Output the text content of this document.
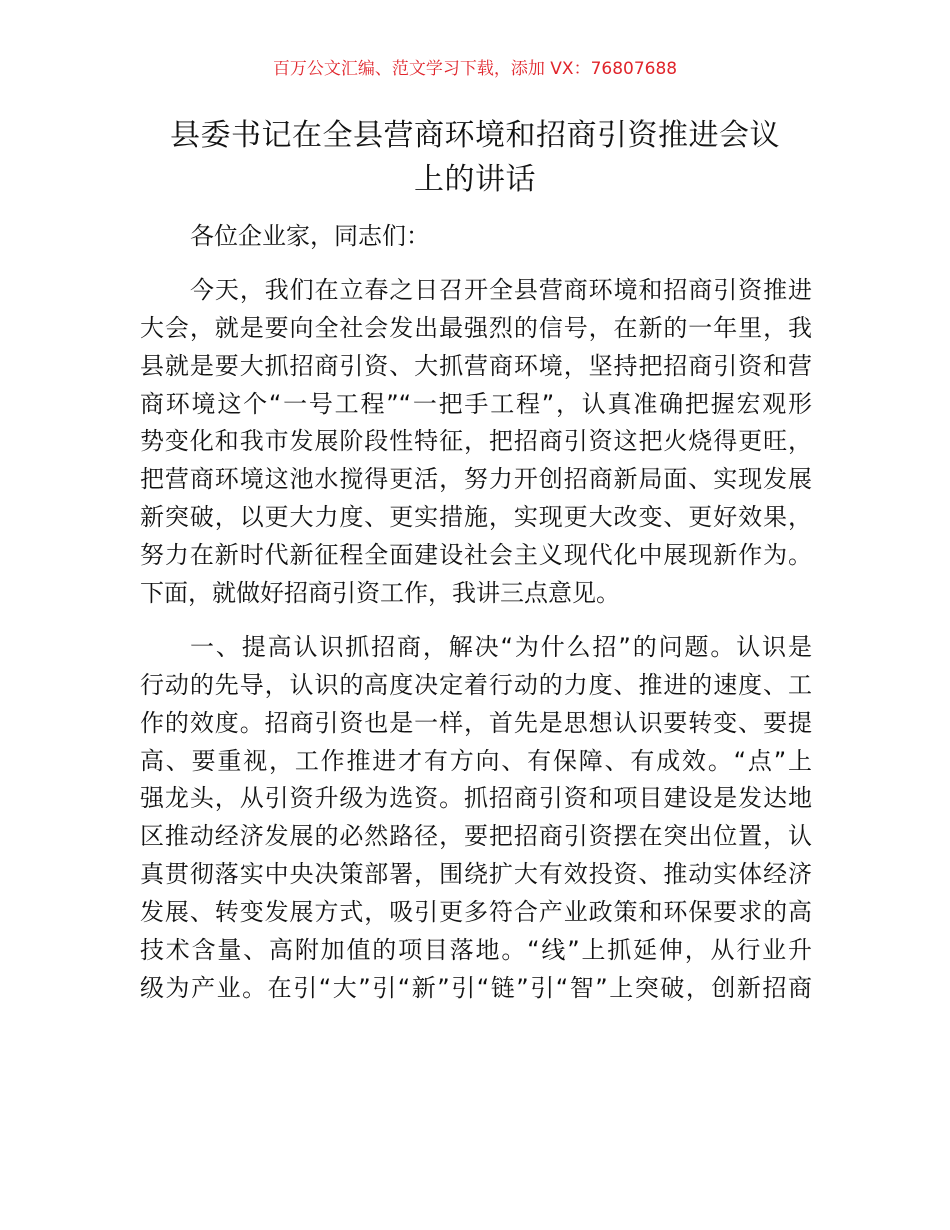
百万公文汇编、范文学习下载，添加 VX：76807688
县委书记在全县营商环境和招商引资推进会议
上的讲话
各位企业家，同志们：
今天，我们在立春之日召开全县营商环境和招商引资推进
大会，就是要向全社会发出最强烈的信号，在新的一年里，我
县就是要大抓招商引资、大抓营商环境，坚持把招商引资和营
商环境这个“一号工程”“一把手工程”，认真准确把握宏观形
势变化和我市发展阶段性特征，把招商引资这把火烧得更旺，
把营商环境这池水搅得更活，努力开创招商新局面、实现发展
新突破，以更大力度、更实措施，实现更大改变、更好效果，
努力在新时代新征程全面建设社会主义现代化中展现新作为。
下面，就做好招商引资工作，我讲三点意见。
一、提高认识抓招商，解决“为什么招”的问题。认识是
行动的先导，认识的高度决定着行动的力度、推进的速度、工
作的效度。招商引资也是一样，首先是思想认识要转变、要提
高、要重视，工作推进才有方向、有保障、有成效。“点”上
强龙头，从引资升级为选资。抓招商引资和项目建设是发达地
区推动经济发展的必然路径，要把招商引资摆在突出位置，认
真贯彻落实中央决策部署，围绕扩大有效投资、推动实体经济
发展、转变发展方式，吸引更多符合产业政策和环保要求的高
技术含量、高附加值的项目落地。“线”上抓延伸，从行业升
级为产业。在引“大”引“新”引“链”引“智”上突破，创新招商
